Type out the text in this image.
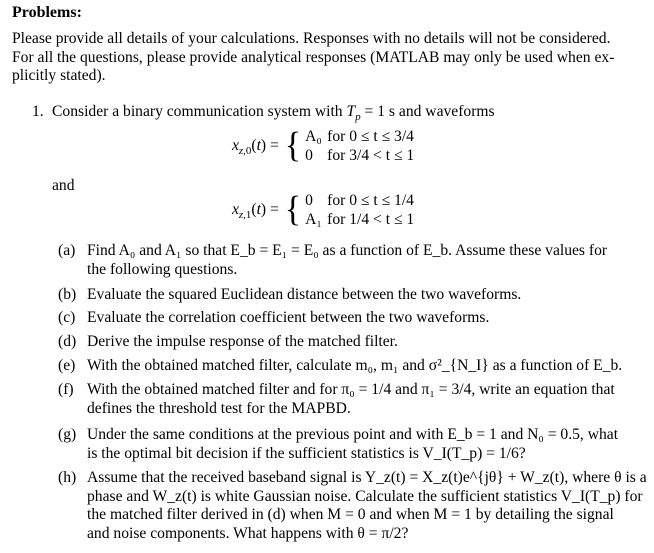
Problems:
Please provide all details of your calculations. Responses with no details will not be considered.
For all the questions, please provide analytical responses (MATLAB may only be used when ex-
plicitly stated).
1. Consider a binary communication system with $T_p = 1$ s and waveforms
$x_{z,0}(t)$ = { A₀ for 0 ≤ t ≤ 3/4
0 for 3/4 < t ≤ 1
and
$x_{z,1}(t)$ = { 0 for 0 ≤ t ≤ 1/4
A₁ for 1/4 < t ≤ 1
(a) Find A₀ and A₁ so that E_b = E₁ = E₀ as a function of E_b. Assume these values for
the following questions.
(b) Evaluate the squared Euclidean distance between the two waveforms.
(c) Evaluate the correlation coefficient between the two waveforms.
(d) Derive the impulse response of the matched filter.
(e) With the obtained matched filter, calculate m₀, m₁ and σ²_{N_I} as a function of E_b.
(f) With the obtained matched filter and for π₀ = 1/4 and π₁ = 3/4, write an equation that
defines the threshold test for the MAPBD.
(g) Under the same conditions at the previous point and with E_b = 1 and N₀ = 0.5, what
is the optimal bit decision if the sufficient statistics is V_I(T_p) = 1/6?
(h) Assume that the received baseband signal is Y_z(t) = X_z(t)e^{jθ} + W_z(t), where θ is a
phase and W_z(t) is white Gaussian noise. Calculate the sufficient statistics V_I(T_p) for
the matched filter derived in (d) when M = 0 and when M = 1 by detailing the signal
and noise components. What happens with θ = π/2?
